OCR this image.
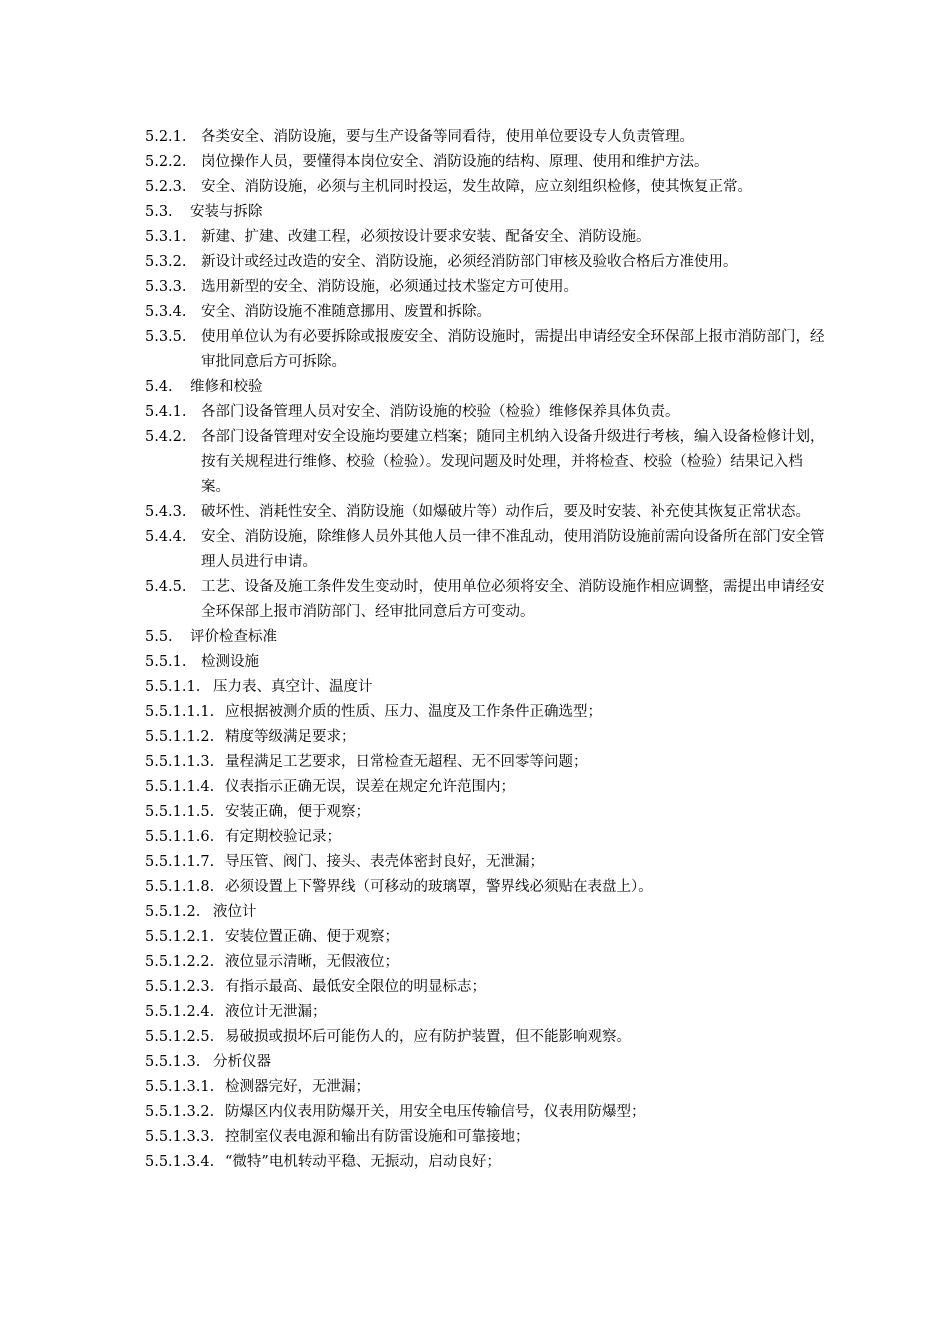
5.2.1. 各类安全、消防设施，要与生产设备等同看待，使用单位要设专人负责管理。
5.2.2. 岗位操作人员，要懂得本岗位安全、消防设施的结构、原理、使用和维护方法。
5.2.3. 安全、消防设施，必须与主机同时投运，发生故障，应立刻组织检修，使其恢复正常。
5.3.	安装与拆除
5.3.1. 新建、扩建、改建工程，必须按设计要求安装、配备安全、消防设施。
5.3.2. 新设计或经过改造的安全、消防设施，必须经消防部门审核及验收合格后方准使用。
5.3.3. 选用新型的安全、消防设施，必须通过技术鉴定方可使用。
5.3.4. 安全、消防设施不准随意挪用、废置和拆除。
5.3.5. 使用单位认为有必要拆除或报废安全、消防设施时，需提出申请经安全环保部上报市消防部门，经审批同意后方可拆除。
5.4.	维修和校验
5.4.1. 各部门设备管理人员对安全、消防设施的校验（检验）维修保养具体负责。
5.4.2. 各部门设备管理对安全设施均要建立档案；随同主机纳入设备升级进行考核，编入设备检修计划，按有关规程进行维修、校验（检验）。发现问题及时处理，并将检查、校验（检验）结果记入档案。
5.4.3. 破坏性、消耗性安全、消防设施（如爆破片等）动作后，要及时安装、补充使其恢复正常状态。
5.4.4. 安全、消防设施，除维修人员外其他人员一律不准乱动，使用消防设施前需向设备所在部门安全管理人员进行申请。
5.4.5. 工艺、设备及施工条件发生变动时，使用单位必须将安全、消防设施作相应调整，需提出申请经安全环保部上报市消防部门、经审批同意后方可变动。
5.5.	评价检查标准
5.5.1. 检测设施
5.5.1.1. 压力表、真空计、温度计
5.5.1.1.1. 应根据被测介质的性质、压力、温度及工作条件正确选型；
5.5.1.1.2. 精度等级满足要求；
5.5.1.1.3. 量程满足工艺要求，日常检查无超程、无不回零等问题；
5.5.1.1.4. 仪表指示正确无误，误差在规定允许范围内；
5.5.1.1.5. 安装正确，便于观察；
5.5.1.1.6. 有定期校验记录；
5.5.1.1.7. 导压管、阀门、接头、表壳体密封良好，无泄漏；
5.5.1.1.8. 必须设置上下警界线（可移动的玻璃罩，警界线必须贴在表盘上）。
5.5.1.2. 液位计
5.5.1.2.1. 安装位置正确、便于观察；
5.5.1.2.2. 液位显示清晰，无假液位；
5.5.1.2.3. 有指示最高、最低安全限位的明显标志；
5.5.1.2.4. 液位计无泄漏；
5.5.1.2.5. 易破损或损坏后可能伤人的，应有防护装置，但不能影响观察。
5.5.1.3. 分析仪器
5.5.1.3.1. 检测器完好，无泄漏；
5.5.1.3.2. 防爆区内仪表用防爆开关，用安全电压传输信号，仪表用防爆型；
5.5.1.3.3. 控制室仪表电源和输出有防雷设施和可靠接地；
5.5.1.3.4. “微特”电机转动平稳、无振动，启动良好；
